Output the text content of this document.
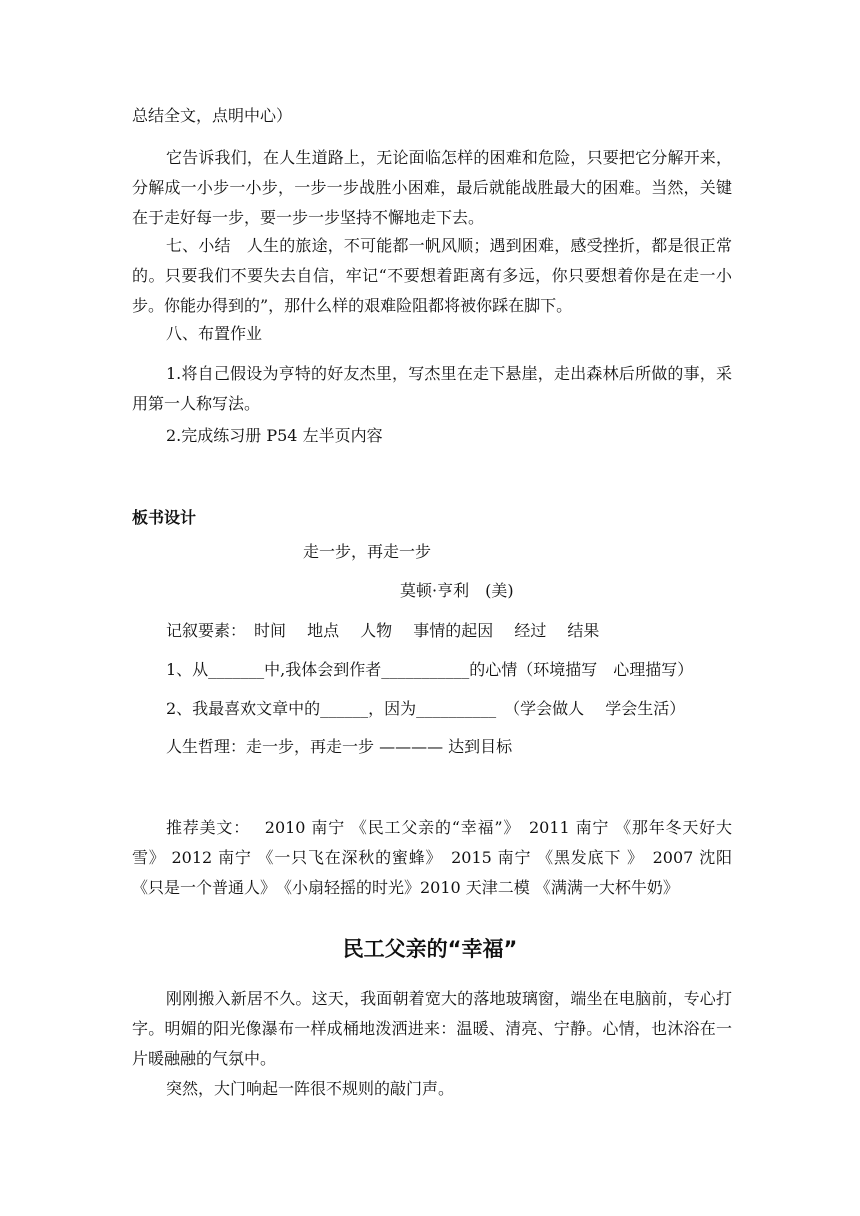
总结全文，点明中心）

它告诉我们，在人生道路上，无论面临怎样的困难和危险，只要把它分解开来，分解成一小步一小步，一步一步战胜小困难，最后就能战胜最大的困难。当然，关键在于走好每一步，要一步一步坚持不懈地走下去。

七、小结　人生的旅途，不可能都一帆风顺；遇到困难，感受挫折，都是很正常的。只要我们不要失去自信，牢记“不要想着距离有多远，你只要想着你是在走一小 步。你能办得到的”，那什么样的艰难险阻都将被你踩在脚下。

八、布置作业

1.将自己假设为亨特的好友杰里，写杰里在走下悬崖，走出森林后所做的事，采用第一人称写法。

2.完成练习册 P54 左半页内容

板书设计

走一步，再走一步

莫顿·亨利　(美)

记叙要素：　时间　 地点　 人物　 事情的起因　 经过　 结果

1、从_______中,我体会到作者___________的心情（环境描写　心理描写）

2、我最喜欢文章中的______，因为__________　（学会做人　 学会生活）

人生哲理：走一步，再走一步 ———— 达到目标

推荐美文：　 2010 南宁 《民工父亲的“幸福”》　2011 南宁 《那年冬天好大雪》 2012 南宁 《一只飞在深秋的蜜蜂》　2015 南宁 《黑发底下 》　2007 沈阳 《只是一个普通人》　《小扇轻摇的时光》2010 天津二模 《满满一大杯牛奶》

民工父亲的“幸福”

刚刚搬入新居不久。这天，我面朝着宽大的落地玻璃窗，端坐在电脑前，专心打字。明媚的阳光像瀑布一样成桶地泼洒进来：温暖、清亮、宁静。心情，也沐浴在一片暖融融的气氛中。

突然，大门响起一阵很不规则的敲门声。
